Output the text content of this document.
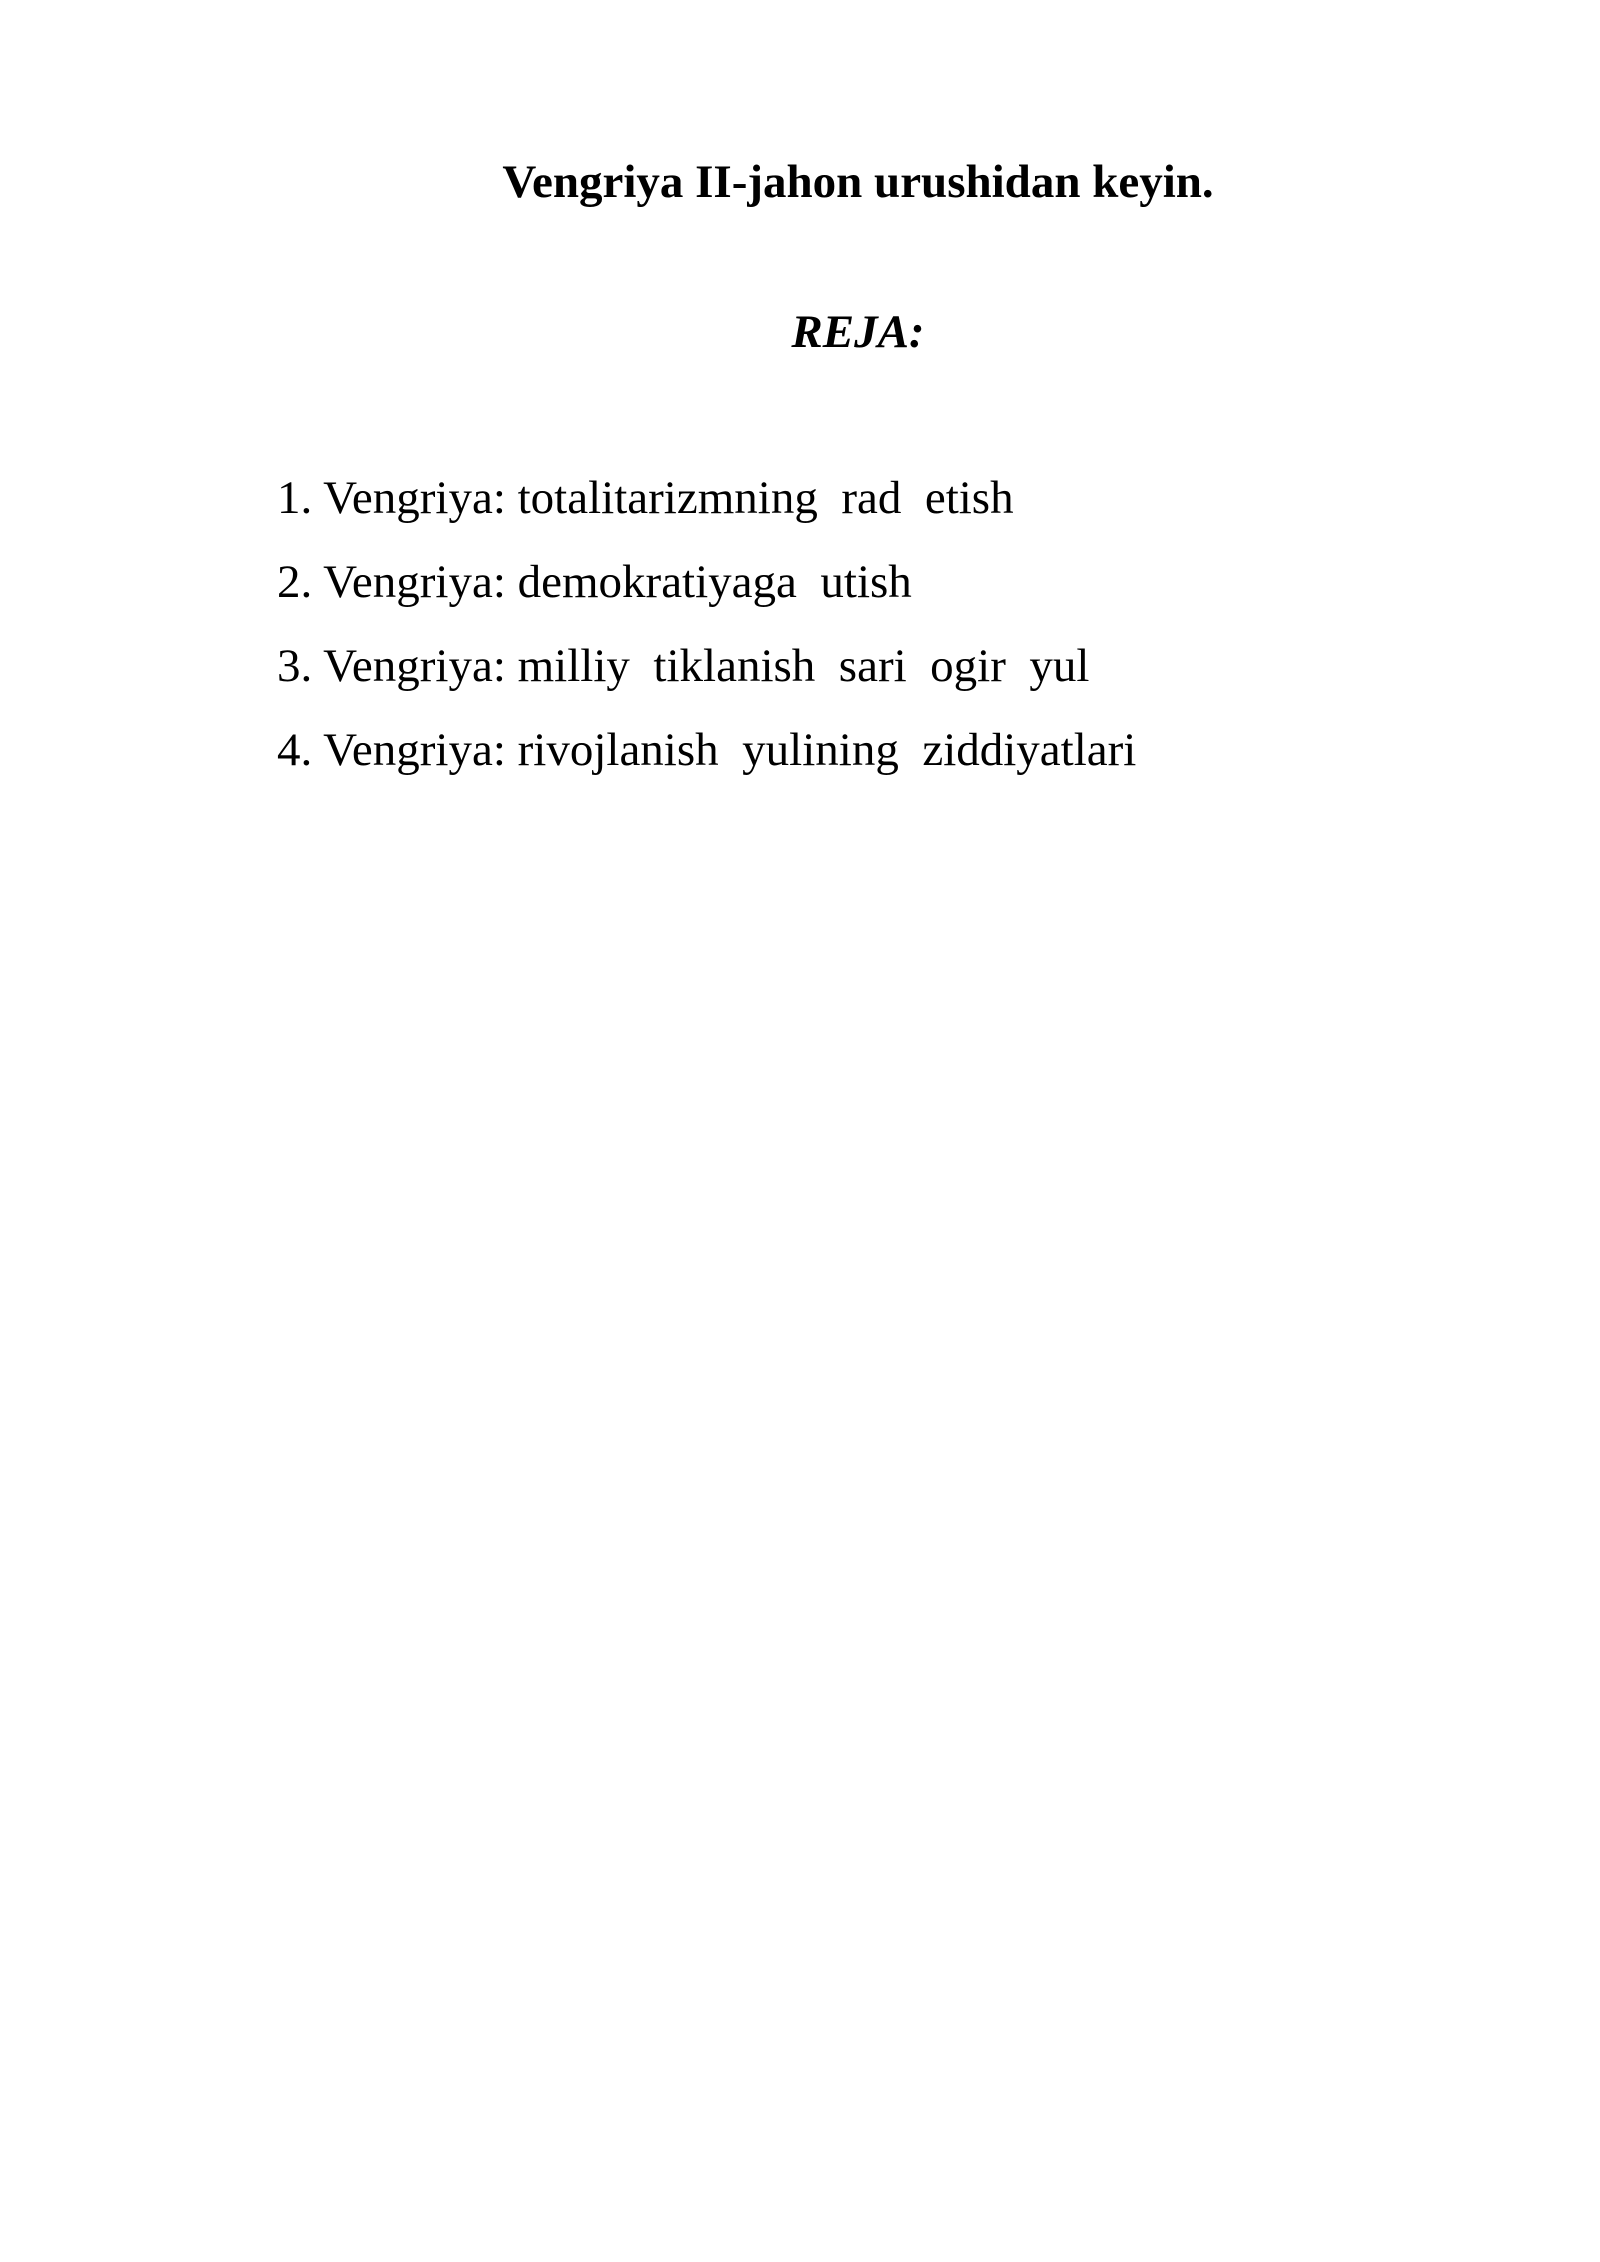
Vengriya II-jahon urushidan keyin.
REJA:
1. Vengriya: totalitarizmning  rad  etish
2. Vengriya: demokratiyaga  utish
3. Vengriya: milliy  tiklanish  sari  ogir  yul
4. Vengriya: rivojlanish  yulining  ziddiyatlari
